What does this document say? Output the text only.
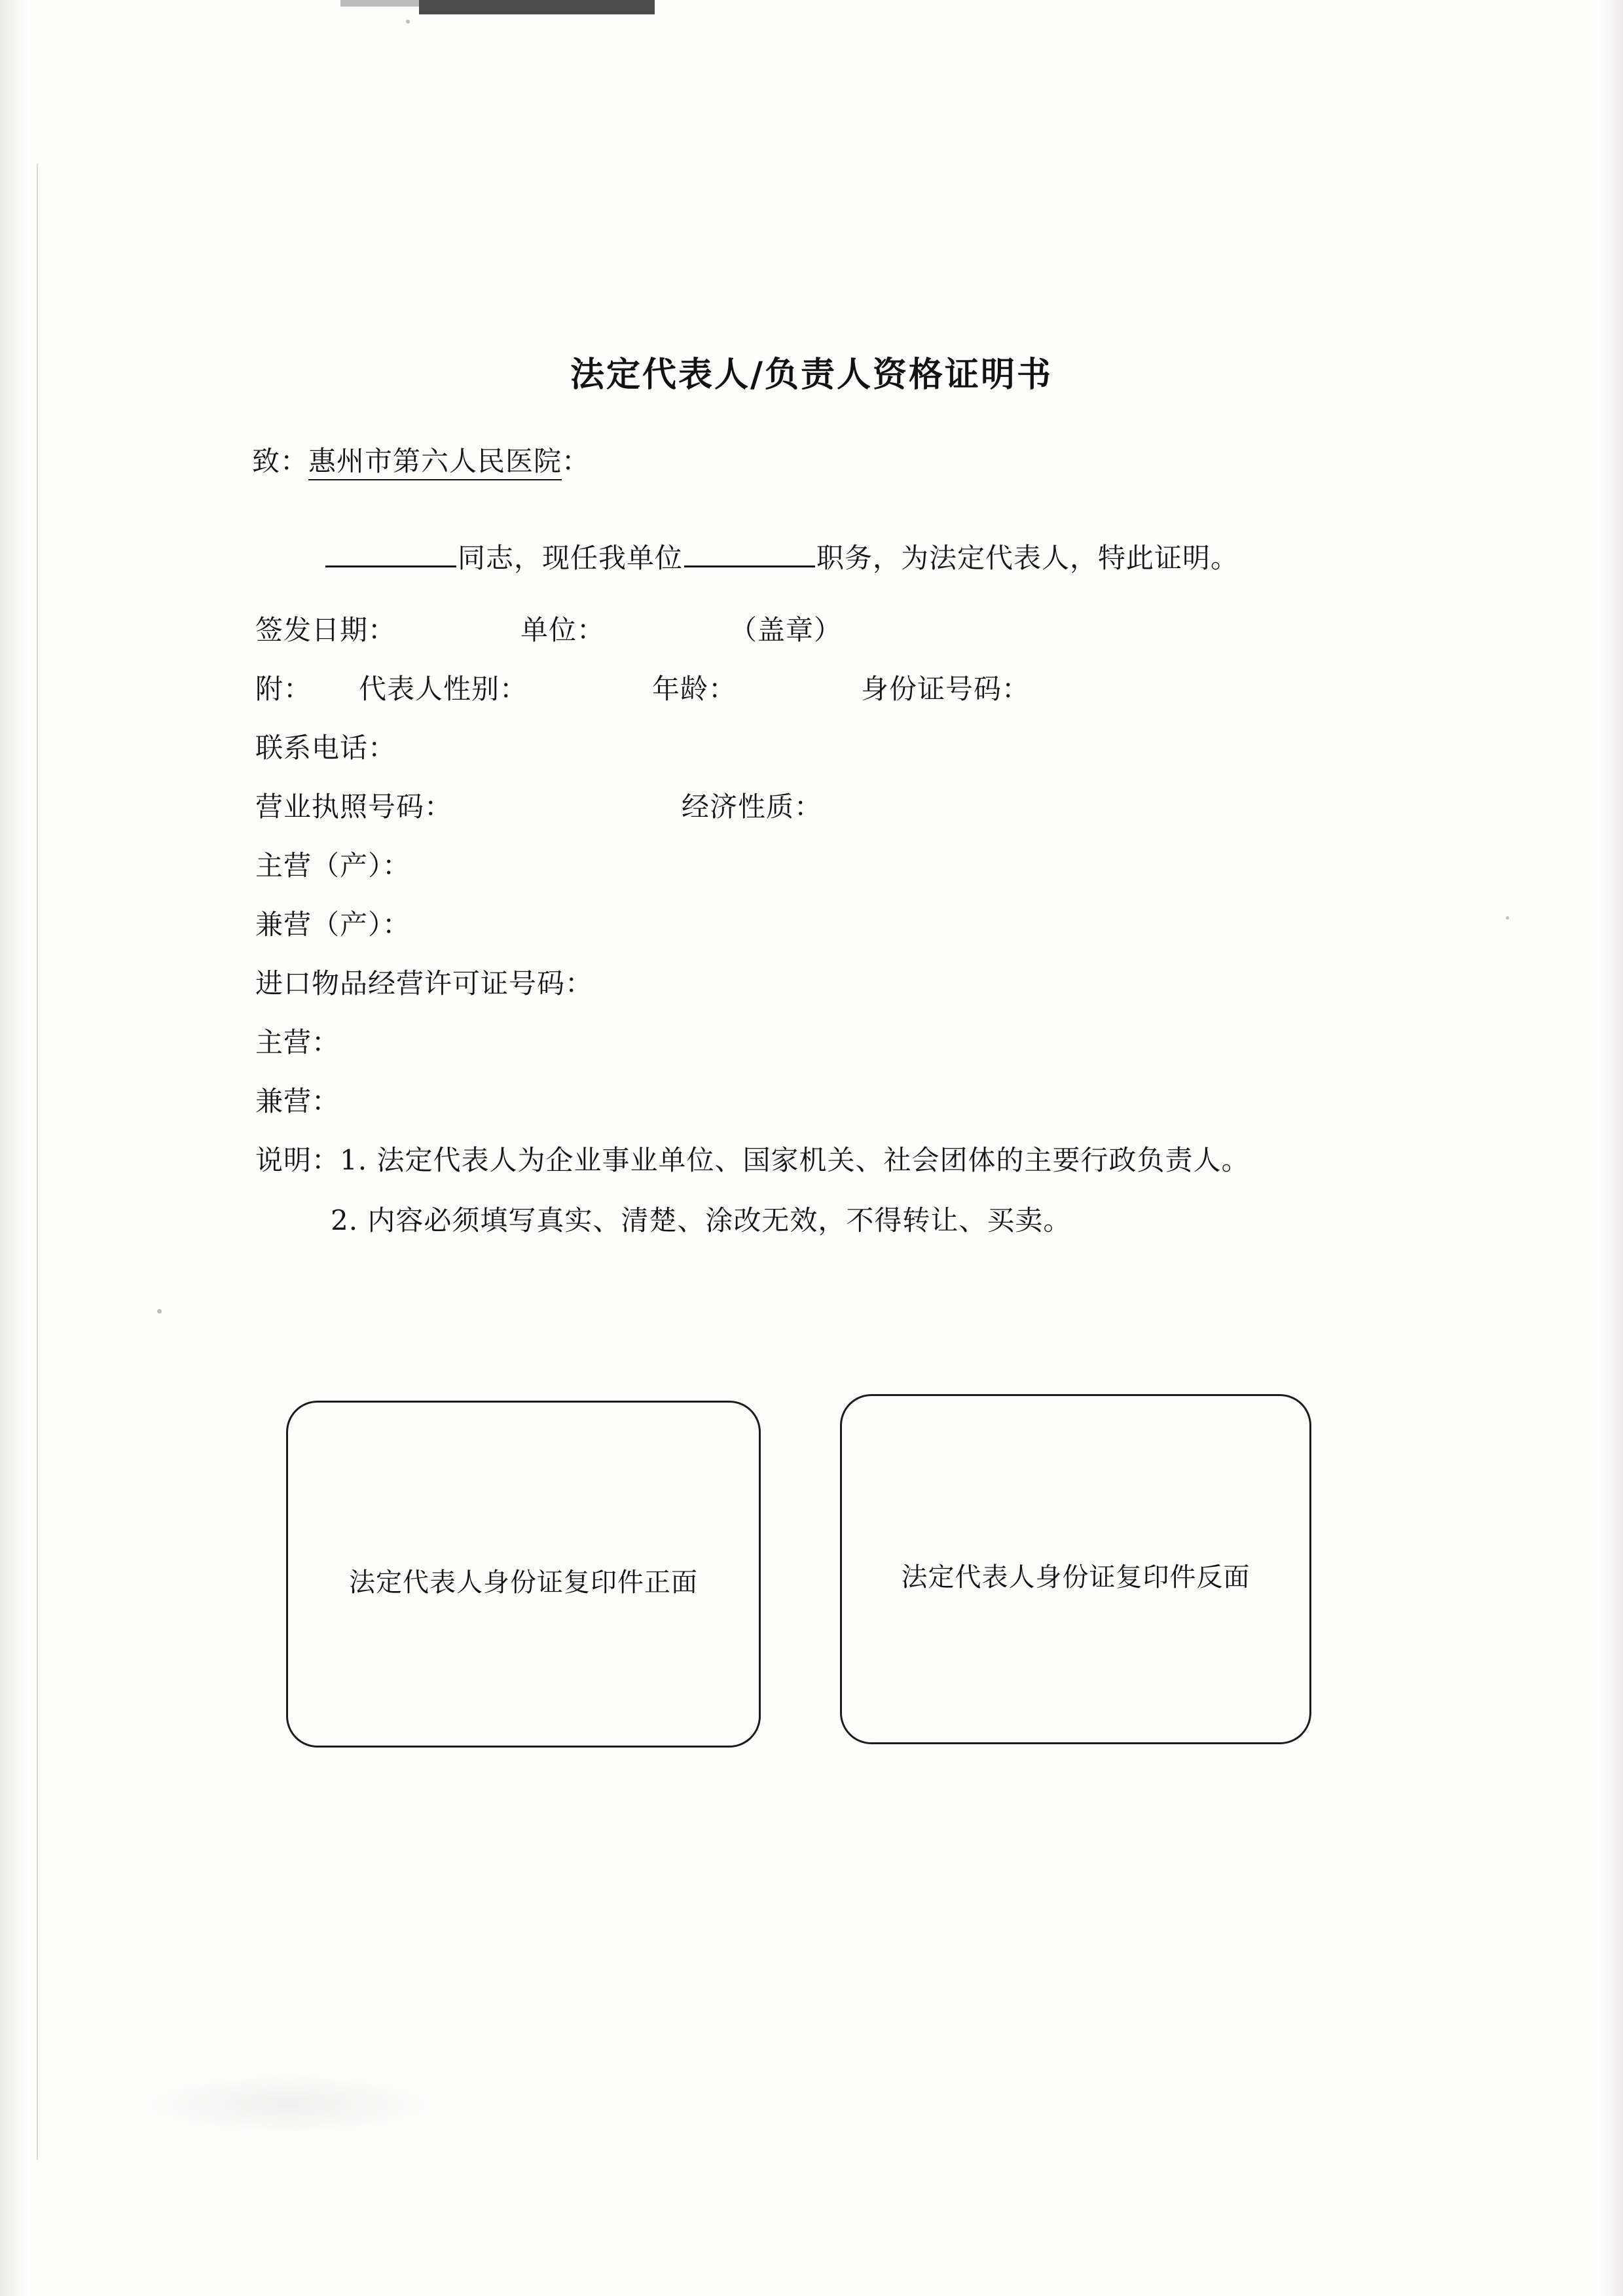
法定代表人/负责人资格证明书
致：惠州市第六人民医院：
同志，现任我单位	职务，为法定代表人，特此证明。
签发日期：	单位：	（盖章）
附： 代表人性别：	年龄：	身份证号码：
联系电话：
营业执照号码：	经济性质：
主营（产）：
兼营（产）：
进口物品经营许可证号码：
主营：
兼营：
说明：1. 法定代表人为企业事业单位、国家机关、社会团体的主要行政负责人。
2. 内容必须填写真实、清楚、涂改无效，不得转让、买卖。
法定代表人身份证复印件正面	法定代表人身份证复印件反面
